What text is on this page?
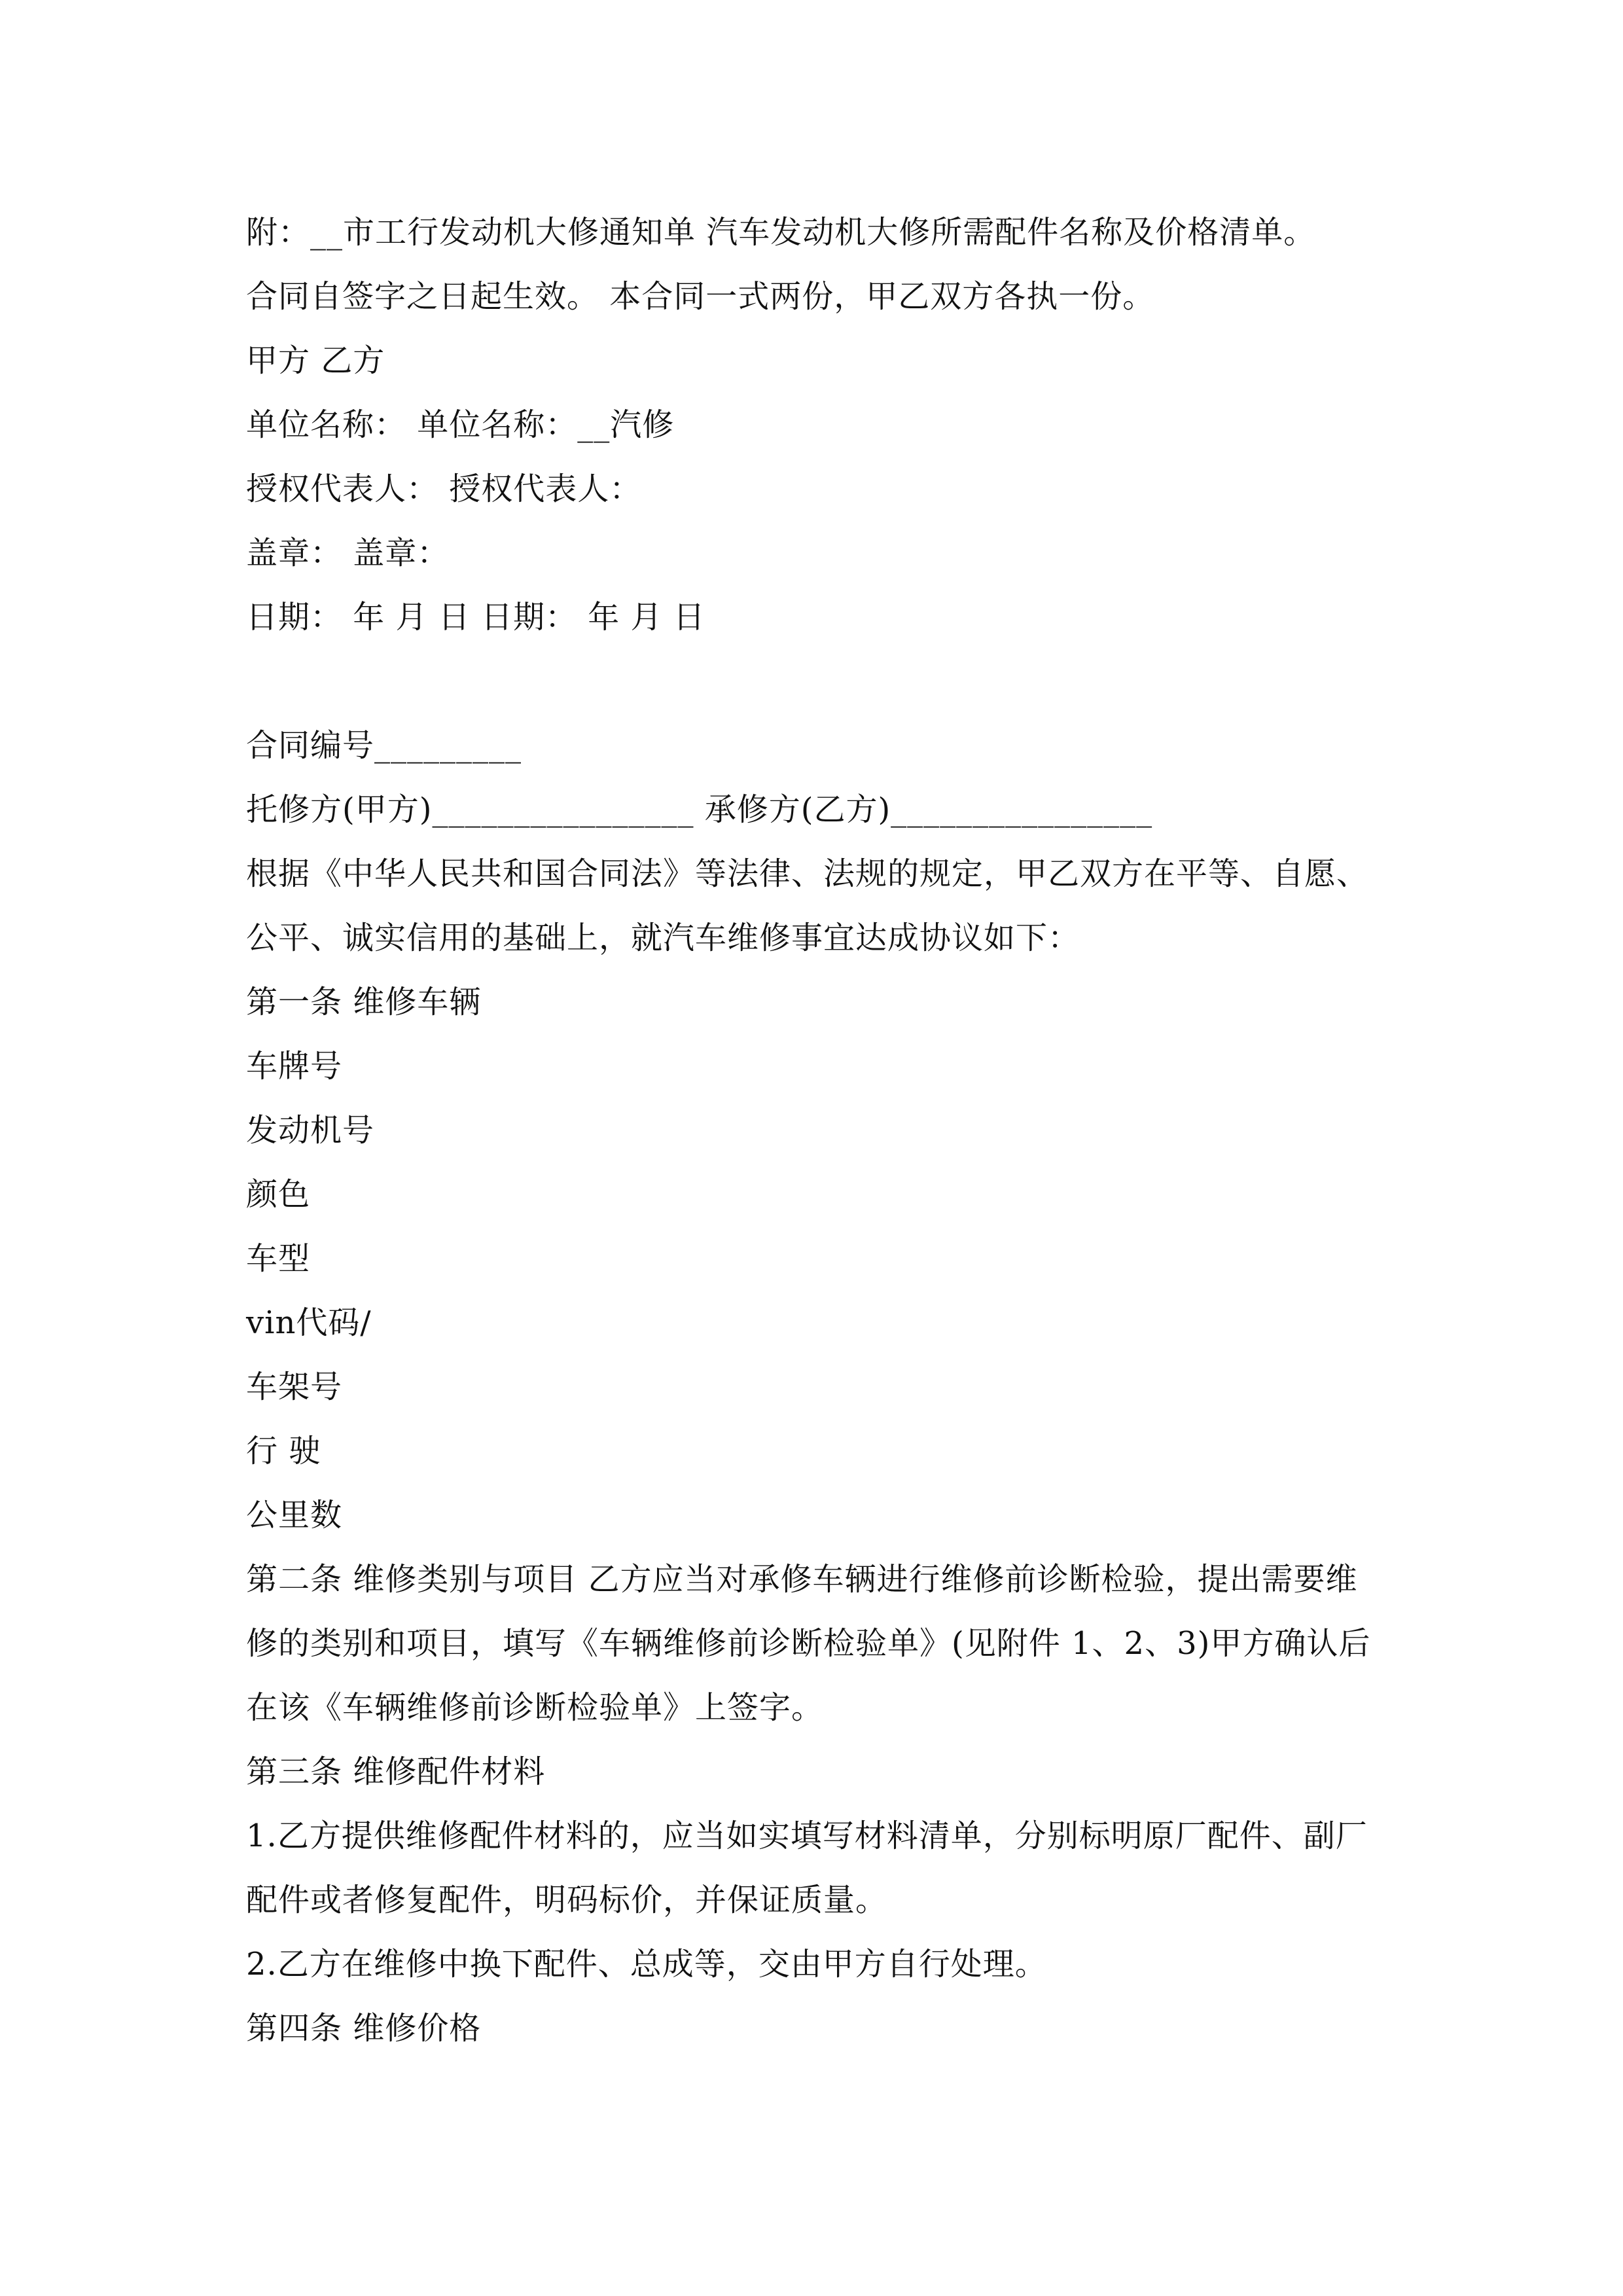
附：__市工行发动机大修通知单 汽车发动机大修所需配件名称及价格清单。
合同自签字之日起生效。 本合同一式两份，甲乙双方各执一份。
甲方 乙方
单位名称： 单位名称：__汽修
授权代表人： 授权代表人：
盖章： 盖章：
日期： 年 月 日 日期： 年 月 日
合同编号_________
托修方(甲方)________________ 承修方(乙方)________________
根据《中华人民共和国合同法》等法律、法规的规定，甲乙双方在平等、自愿、
公平、诚实信用的基础上，就汽车维修事宜达成协议如下：
第一条 维修车辆
车牌号
发动机号
颜色
车型
vin代码/
车架号
行 驶
公里数
第二条 维修类别与项目 乙方应当对承修车辆进行维修前诊断检验，提出需要维
修的类别和项目，填写《车辆维修前诊断检验单》(见附件 1、2、3)甲方确认后
在该《车辆维修前诊断检验单》上签字。
第三条 维修配件材料
1.乙方提供维修配件材料的，应当如实填写材料清单，分别标明原厂配件、副厂
配件或者修复配件，明码标价，并保证质量。
2.乙方在维修中换下配件、总成等，交由甲方自行处理。
第四条 维修价格
